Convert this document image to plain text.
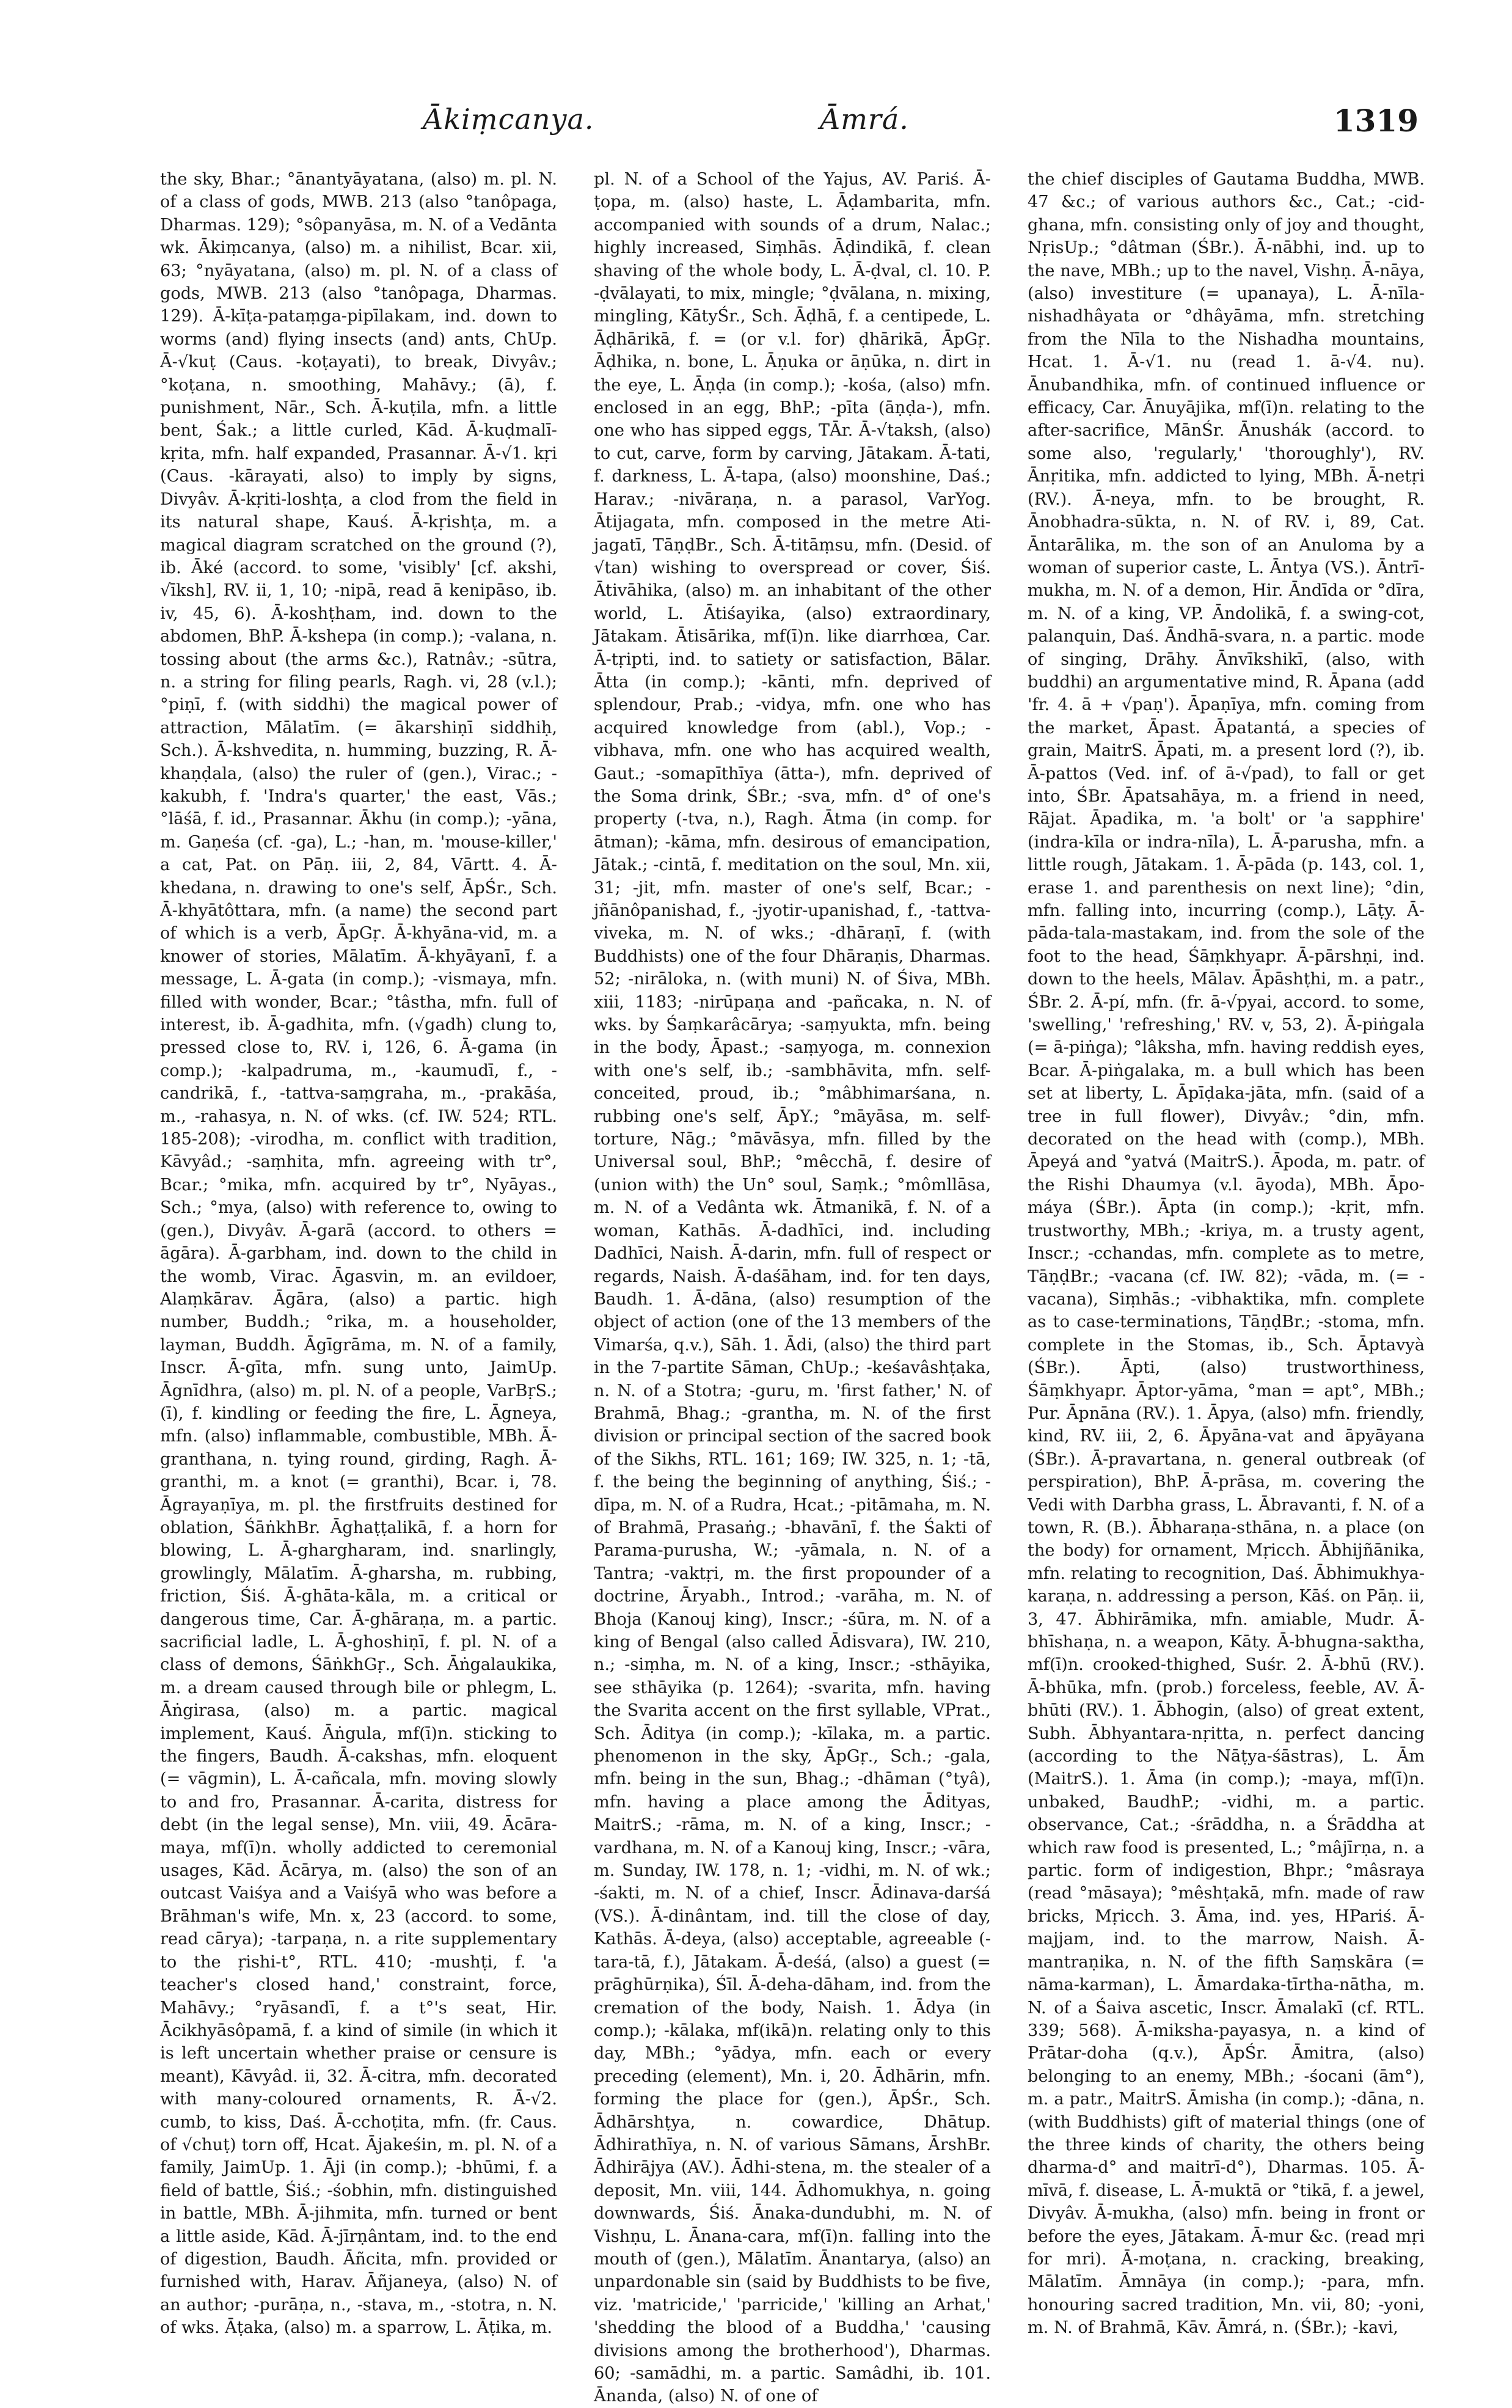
Ākiṃcanya.	Āmrá.	1319

the sky, Bhar.; °ānantyāyatana, (also) m. pl. N. of a class of gods, MWB. 213 (also °tanôpaga, Dharmas. 129); °sôpanyāsa, m. N. of a Vedānta wk. Ākiṃcanya, (also) m. a nihilist, Bcar. xii, 63; °nyāyatana, (also) m. pl. N. of a class of gods, MWB. 213 (also °tanôpaga, Dharmas. 129). Ā-kīṭa-pataṃga-pipīlakam, ind. down to worms (and) flying insects (and) ants, ChUp. Ā-√kuṭ (Caus. -koṭayati), to break, Divyâv.; °koṭana, n. smoothing, Mahāvy.; (ā), f. punishment, Nār., Sch. Ā-kuṭila, mfn. a little bent, Śak.; a little curled, Kād. Ā-kuḍmalī-kṛita, mfn. half expanded, Prasannar. Ā-√1. kṛi (Caus. -kārayati, also) to imply by signs, Divyâv. Ā-kṛiti-loshṭa, a clod from the field in its natural shape, Kauś. Ā-kṛishṭa, m. a magical diagram scratched on the ground (?), ib. Āké (accord. to some, 'visibly' [cf. akshi, √īksh], RV. ii, 1, 10; -nipā, read ā kenipāso, ib. iv, 45, 6). Ā-koshṭham, ind. down to the abdomen, BhP. Ā-kshepa (in comp.); -valana, n. tossing about (the arms &c.), Ratnâv.; -sūtra, n. a string for filing pearls, Ragh. vi, 28 (v.l.); °piṇī, f. (with siddhi) the magical power of attraction, Mālatīm. (= ākarshiṇī siddhiḥ, Sch.). Ā-kshvedita, n. humming, buzzing, R. Ā-khaṇḍala, (also) the ruler of (gen.), Virac.; -kakubh, f. 'Indra's quarter,' the east, Vās.; °lāśā, f. id., Prasannar. Ākhu (in comp.); -yāna, m. Gaṇeśa (cf. -ga), L.; -han, m. 'mouse-killer,' a cat, Pat. on Pāṇ. iii, 2, 84, Vārtt. 4. Ā-khedana, n. drawing to one's self, ĀpŚr., Sch. Ā-khyātôttara, mfn. (a name) the second part of which is a verb, ĀpGṛ. Ā-khyāna-vid, m. a knower of stories, Mālatīm. Ā-khyāyanī, f. a message, L. Ā-gata (in comp.); -vismaya, mfn. filled with wonder, Bcar.; °tâstha, mfn. full of interest, ib. Ā-gadhita, mfn. (√gadh) clung to, pressed close to, RV. i, 126, 6. Ā-gama (in comp.); -kalpadruma, m., -kaumudī, f., -candrikā, f., -tattva-saṃgraha, m., -prakāśa, m., -rahasya, n. N. of wks. (cf. IW. 524; RTL. 185-208); -virodha, m. conflict with tradition, Kāvyâd.; -saṃhita, mfn. agreeing with tr°, Bcar.; °mika, mfn. acquired by tr°, Nyāyas., Sch.; °mya, (also) with reference to, owing to (gen.), Divyâv. Ā-garā (accord. to others = āgāra). Ā-garbham, ind. down to the child in the womb, Virac. Āgasvin, m. an evildoer, Alaṃkārav. Āgāra, (also) a partic. high number, Buddh.; °rika, m. a householder, layman, Buddh. Āgīgrāma, m. N. of a family, Inscr. Ā-gīta, mfn. sung unto, JaimUp. Āgnīdhra, (also) m. pl. N. of a people, VarBṛS.; (ī), f. kindling or feeding the fire, L. Āgneya, mfn. (also) inflammable, combustible, MBh. Ā-granthana, n. tying round, girding, Ragh. Ā-granthi, m. a knot (= granthi), Bcar. i, 78. Āgrayaṇīya, m. pl. the firstfruits destined for oblation, ŚāṅkhBr. Āghaṭṭalikā, f. a horn for blowing, L. Ā-ghargharam, ind. snarlingly, growlingly, Mālatīm. Ā-gharsha, m. rubbing, friction, Śiś. Ā-ghāta-kāla, m. a critical or dangerous time, Car. Ā-ghāraṇa, m. a partic. sacrificial ladle, L. Ā-ghoshiṇī, f. pl. N. of a class of demons, ŚāṅkhGṛ., Sch. Āṅgalaukika, m. a dream caused through bile or phlegm, L. Āṅgirasa, (also) m. a partic. magical implement, Kauś. Āṅgula, mf(ī)n. sticking to the fingers, Baudh. Ā-cakshas, mfn. eloquent (= vāgmin), L. Ā-cañcala, mfn. moving slowly to and fro, Prasannar. Ā-carita, distress for debt (in the legal sense), Mn. viii, 49. Ācāra-maya, mf(ī)n. wholly addicted to ceremonial usages, Kād. Ācārya, m. (also) the son of an outcast Vaiśya and a Vaiśyā who was before a Brāhman's wife, Mn. x, 23 (accord. to some, read cārya); -tarpaṇa, n. a rite supplementary to the ṛishi-t°, RTL. 410; -mushṭi, f. 'a teacher's closed hand,' constraint, force, Mahāvy.; °ryāsandī, f. a t°'s seat, Hir. Ācikhyāsôpamā, f. a kind of simile (in which it is left uncertain whether praise or censure is meant), Kāvyâd. ii, 32. Ā-citra, mfn. decorated with many-coloured ornaments, R. Ā-√2. cumb, to kiss, Daś. Ā-cchoṭita, mfn. (fr. Caus. of √chuṭ) torn off, Hcat. Ājakeśin, m. pl. N. of a family, JaimUp. 1. Āji (in comp.); -bhūmi, f. a field of battle, Śiś.; -śobhin, mfn. distinguished in battle, MBh. Ā-jihmita, mfn. turned or bent a little aside, Kād. Ā-jīrṇântam, ind. to the end of digestion, Baudh. Āñcita, mfn. provided or furnished with, Harav. Āñjaneya, (also) N. of an author; -purāṇa, n., -stava, m., -stotra, n. N. of wks. Āṭaka, (also) m. a sparrow, L. Āṭika, m.

pl. N. of a School of the Yajus, AV. Pariś. Ā-ṭopa, m. (also) haste, L. Āḍambarita, mfn. accompanied with sounds of a drum, Nalac.; highly increased, Siṃhās. Āḍindikā, f. clean shaving of the whole body, L. Ā-ḍval, cl. 10. P. -ḍvālayati, to mix, mingle; °ḍvālana, n. mixing, mingling, KātyŚr., Sch. Āḍhā, f. a centipede, L. Āḍhārikā, f. = (or v.l. for) ḍhārikā, ĀpGṛ. Āḍhika, n. bone, L. Āṇuka or āṇūka, n. dirt in the eye, L. Āṇḍa (in comp.); -kośa, (also) mfn. enclosed in an egg, BhP.; -pīta (āṇḍa-), mfn. one who has sipped eggs, TĀr. Ā-√taksh, (also) to cut, carve, form by carving, Jātakam. Ā-tati, f. darkness, L. Ā-tapa, (also) moonshine, Daś.; Harav.; -nivāraṇa, n. a parasol, VarYog. Ātijagata, mfn. composed in the metre Ati-jagatī, TāṇḍBr., Sch. Ā-titāṃsu, mfn. (Desid. of √tan) wishing to overspread or cover, Śiś. Ātivāhika, (also) m. an inhabitant of the other world, L. Ātiśayika, (also) extraordinary, Jātakam. Ātisārika, mf(ī)n. like diarrhœa, Car. Ā-tṛipti, ind. to satiety or satisfaction, Bālar. Ātta (in comp.); -kānti, mfn. deprived of splendour, Prab.; -vidya, mfn. one who has acquired knowledge from (abl.), Vop.; -vibhava, mfn. one who has acquired wealth, Gaut.; -somapīthīya (ātta-), mfn. deprived of the Soma drink, ŚBr.; -sva, mfn. d° of one's property (-tva, n.), Ragh. Ātma (in comp. for ātman); -kāma, mfn. desirous of emancipation, Jātak.; -cintā, f. meditation on the soul, Mn. xii, 31; -jit, mfn. master of one's self, Bcar.; -jñānôpanishad, f., -jyotir-upanishad, f., -tattva-viveka, m. N. of wks.; -dhāraṇī, f. (with Buddhists) one of the four Dhāraṇis, Dharmas. 52; -nirāloka, n. (with muni) N. of Śiva, MBh. xiii, 1183; -nirūpaṇa and -pañcaka, n. N. of wks. by Śaṃkarâcārya; -saṃyukta, mfn. being in the body, Āpast.; -saṃyoga, m. connexion with one's self, ib.; -sambhāvita, mfn. self-conceited, proud, ib.; °mâbhimarśana, n. rubbing one's self, ĀpY.; °māyāsa, m. self-torture, Nāg.; °māvāsya, mfn. filled by the Universal soul, BhP.; °mêcchā, f. desire of (union with) the Un° soul, Saṃk.; °mômllāsa, m. N. of a Vedânta wk. Ātmanikā, f. N. of a woman, Kathās. Ā-dadhīci, ind. including Dadhīci, Naish. Ā-darin, mfn. full of respect or regards, Naish. Ā-daśāham, ind. for ten days, Baudh. 1. Ā-dāna, (also) resumption of the object of action (one of the 13 members of the Vimarśa, q.v.), Sāh. 1. Ādi, (also) the third part in the 7-partite Sāman, ChUp.; -keśavâshṭaka, n. N. of a Stotra; -guru, m. 'first father,' N. of Brahmā, Bhag.; -grantha, m. N. of the first division or principal section of the sacred book of the Sikhs, RTL. 161; 169; IW. 325, n. 1; -tā, f. the being the beginning of anything, Śiś.; -dīpa, m. N. of a Rudra, Hcat.; -pitāmaha, m. N. of Brahmā, Prasaṅg.; -bhavānī, f. the Śakti of Parama-purusha, W.; -yāmala, n. N. of a Tantra; -vaktṛi, m. the first propounder of a doctrine, Āryabh., Introd.; -varāha, m. N. of Bhoja (Kanouj king), Inscr.; -śūra, m. N. of a king of Bengal (also called Ādisvara), IW. 210, n.; -siṃha, m. N. of a king, Inscr.; -sthāyika, see sthāyika (p. 1264); -svarita, mfn. having the Svarita accent on the first syllable, VPrat., Sch. Āditya (in comp.); -kīlaka, m. a partic. phenomenon in the sky, ĀpGṛ., Sch.; -gala, mfn. being in the sun, Bhag.; -dhāman (°tyâ), mfn. having a place among the Ādityas, MaitrS.; -rāma, m. N. of a king, Inscr.; -vardhana, m. N. of a Kanouj king, Inscr.; -vāra, m. Sunday, IW. 178, n. 1; -vidhi, m. N. of wk.; -śakti, m. N. of a chief, Inscr. Ādinava-darśá (VS.). Ā-dinântam, ind. till the close of day, Kathās. Ā-deya, (also) acceptable, agreeable (-tara-tā, f.), Jātakam. Ā-deśá, (also) a guest (= prāghūrṇika), Śīl. Ā-deha-dāham, ind. from the cremation of the body, Naish. 1. Ādya (in comp.); -kālaka, mf(ikā)n. relating only to this day, MBh.; °yādya, mfn. each or every preceding (element), Mn. i, 20. Ādhārin, mfn. forming the place for (gen.), ĀpŚr., Sch. Ādhārshṭya, n. cowardice, Dhātup. Ādhirathīya, n. N. of various Sāmans, ĀrshBr. Ādhirājya (AV.). Ādhi-stena, m. the stealer of a deposit, Mn. viii, 144. Ādhomukhya, n. going downwards, Śiś. Ānaka-dundubhi, m. N. of Vishṇu, L. Ānana-cara, mf(ī)n. falling into the mouth of (gen.), Mālatīm. Ānantarya, (also) an unpardonable sin (said by Buddhists to be five, viz. 'matricide,' 'parricide,' 'killing an Arhat,' 'shedding the blood of a Buddha,' 'causing divisions among the brotherhood'), Dharmas. 60; -samādhi, m. a partic. Samâdhi, ib. 101. Ānanda, (also) N. of one of

the chief disciples of Gautama Buddha, MWB. 47 &c.; of various authors &c., Cat.; -cid-ghana, mfn. consisting only of joy and thought, NṛisUp.; °dâtman (ŚBr.). Ā-nābhi, ind. up to the nave, MBh.; up to the navel, Vishṇ. Ā-nāya, (also) investiture (= upanaya), L. Ā-nīla-nishadhâyata or °dhâyāma, mfn. stretching from the Nīla to the Nishadha mountains, Hcat. 1. Ā-√1. nu (read 1. ā-√4. nu). Ānubandhika, mfn. of continued influence or efficacy, Car. Ānuyājika, mf(ī)n. relating to the after-sacrifice, MānŚr. Ānushák (accord. to some also, 'regularly,' 'thoroughly'), RV. Ānṛitika, mfn. addicted to lying, MBh. Ā-netṛi (RV.). Ā-neya, mfn. to be brought, R. Ānobhadra-sūkta, n. N. of RV. i, 89, Cat. Āntarālika, m. the son of an Anuloma by a woman of superior caste, L. Āntya (VS.). Āntrī-mukha, m. N. of a demon, Hir. Āndīda or °dīra, m. N. of a king, VP. Āndolikā, f. a swing-cot, palanquin, Daś. Āndhā-svara, n. a partic. mode of singing, Drāhy. Ānvīkshikī, (also, with buddhi) an argumentative mind, R. Āpana (add 'fr. 4. ā + √paṇ'). Āpaṇīya, mfn. coming from the market, Āpast. Āpatantá, a species of grain, MaitrS. Āpati, m. a present lord (?), ib. Ā-pattos (Ved. inf. of ā-√pad), to fall or get into, ŚBr. Āpatsahāya, m. a friend in need, Rājat. Āpadika, m. 'a bolt' or 'a sapphire' (indra-kīla or indra-nīla), L. Ā-parusha, mfn. a little rough, Jātakam. 1. Ā-pāda (p. 143, col. 1, erase 1. and parenthesis on next line); °din, mfn. falling into, incurring (comp.), Lāṭy. Ā-pāda-tala-mastakam, ind. from the sole of the foot to the head, Śāṃkhyapr. Ā-pārshṇi, ind. down to the heels, Mālav. Āpāshṭhi, m. a patr., ŚBr. 2. Ā-pí, mfn. (fr. ā-√pyai, accord. to some, 'swelling,' 'refreshing,' RV. v, 53, 2). Ā-piṅgala (= ā-piṅga); °lâksha, mfn. having reddish eyes, Bcar. Ā-piṅgalaka, m. a bull which has been set at liberty, L. Āpīḍaka-jāta, mfn. (said of a tree in full flower), Divyâv.; °din, mfn. decorated on the head with (comp.), MBh. Āpeyá and °yatvá (MaitrS.). Āpoda, m. patr. of the Rishi Dhaumya (v.l. āyoda), MBh. Āpo-máya (ŚBr.). Āpta (in comp.); -kṛit, mfn. trustworthy, MBh.; -kriya, m. a trusty agent, Inscr.; -cchandas, mfn. complete as to metre, TāṇḍBr.; -vacana (cf. IW. 82); -vāda, m. (= -vacana), Siṃhās.; -vibhaktika, mfn. complete as to case-terminations, TāṇḍBr.; -stoma, mfn. complete in the Stomas, ib., Sch. Āptavyà (ŚBr.). Āpti, (also) trustworthiness, Śāṃkhyapr. Āptor-yāma, °man = apt°, MBh.; Pur. Āpnāna (RV.). 1. Āpya, (also) mfn. friendly, kind, RV. iii, 2, 6. Āpyāna-vat and āpyāyana (ŚBr.). Ā-pravartana, n. general outbreak (of perspiration), BhP. Ā-prāsa, m. covering the Vedi with Darbha grass, L. Ābravanti, f. N. of a town, R. (B.). Ābharaṇa-sthāna, n. a place (on the body) for ornament, Mṛicch. Ābhijñānika, mfn. relating to recognition, Daś. Ābhimukhya-karaṇa, n. addressing a person, Kāś. on Pāṇ. ii, 3, 47. Ābhirāmika, mfn. amiable, Mudr. Ā-bhīshaṇa, n. a weapon, Kāty. Ā-bhugna-saktha, mf(ī)n. crooked-thighed, Suśr. 2. Ā-bhū (RV.). Ā-bhūka, mfn. (prob.) forceless, feeble, AV. Ā-bhūti (RV.). 1. Ābhogin, (also) of great extent, Subh. Ābhyantara-nṛitta, n. perfect dancing (according to the Nāṭya-śāstras), L. Ām (MaitrS.). 1. Āma (in comp.); -maya, mf(ī)n. unbaked, BaudhP.; -vidhi, m. a partic. observance, Cat.; -śrāddha, n. a Śrāddha at which raw food is presented, L.; °mâjīrṇa, n. a partic. form of indigestion, Bhpr.; °mâsraya (read °māsaya); °mêshṭakā, mfn. made of raw bricks, Mṛicch. 3. Āma, ind. yes, HPariś. Ā-majjam, ind. to the marrow, Naish. Ā-mantraṇika, n. N. of the fifth Saṃskāra (= nāma-karman), L. Āmardaka-tīrtha-nātha, m. N. of a Śaiva ascetic, Inscr. Āmalakī (cf. RTL. 339; 568). Ā-miksha-payasya, n. a kind of Prātar-doha (q.v.), ĀpŚr. Āmitra, (also) belonging to an enemy, MBh.; -śocani (ām°), m. a patr., MaitrS. Āmisha (in comp.); -dāna, n. (with Buddhists) gift of material things (one of the three kinds of charity, the others being dharma-d° and maitrī-d°), Dharmas. 105. Ā-mīvā, f. disease, L. Ā-muktā or °tikā, f. a jewel, Divyâv. Ā-mukha, (also) mfn. being in front or before the eyes, Jātakam. Ā-mur &c. (read mṛi for mri). Ā-moṭana, n. cracking, breaking, Mālatīm. Āmnāya (in comp.); -para, mfn. honouring sacred tradition, Mn. vii, 80; -yoni, m. N. of Brahmā, Kāv. Āmrá, n. (ŚBr.); -kavi,
